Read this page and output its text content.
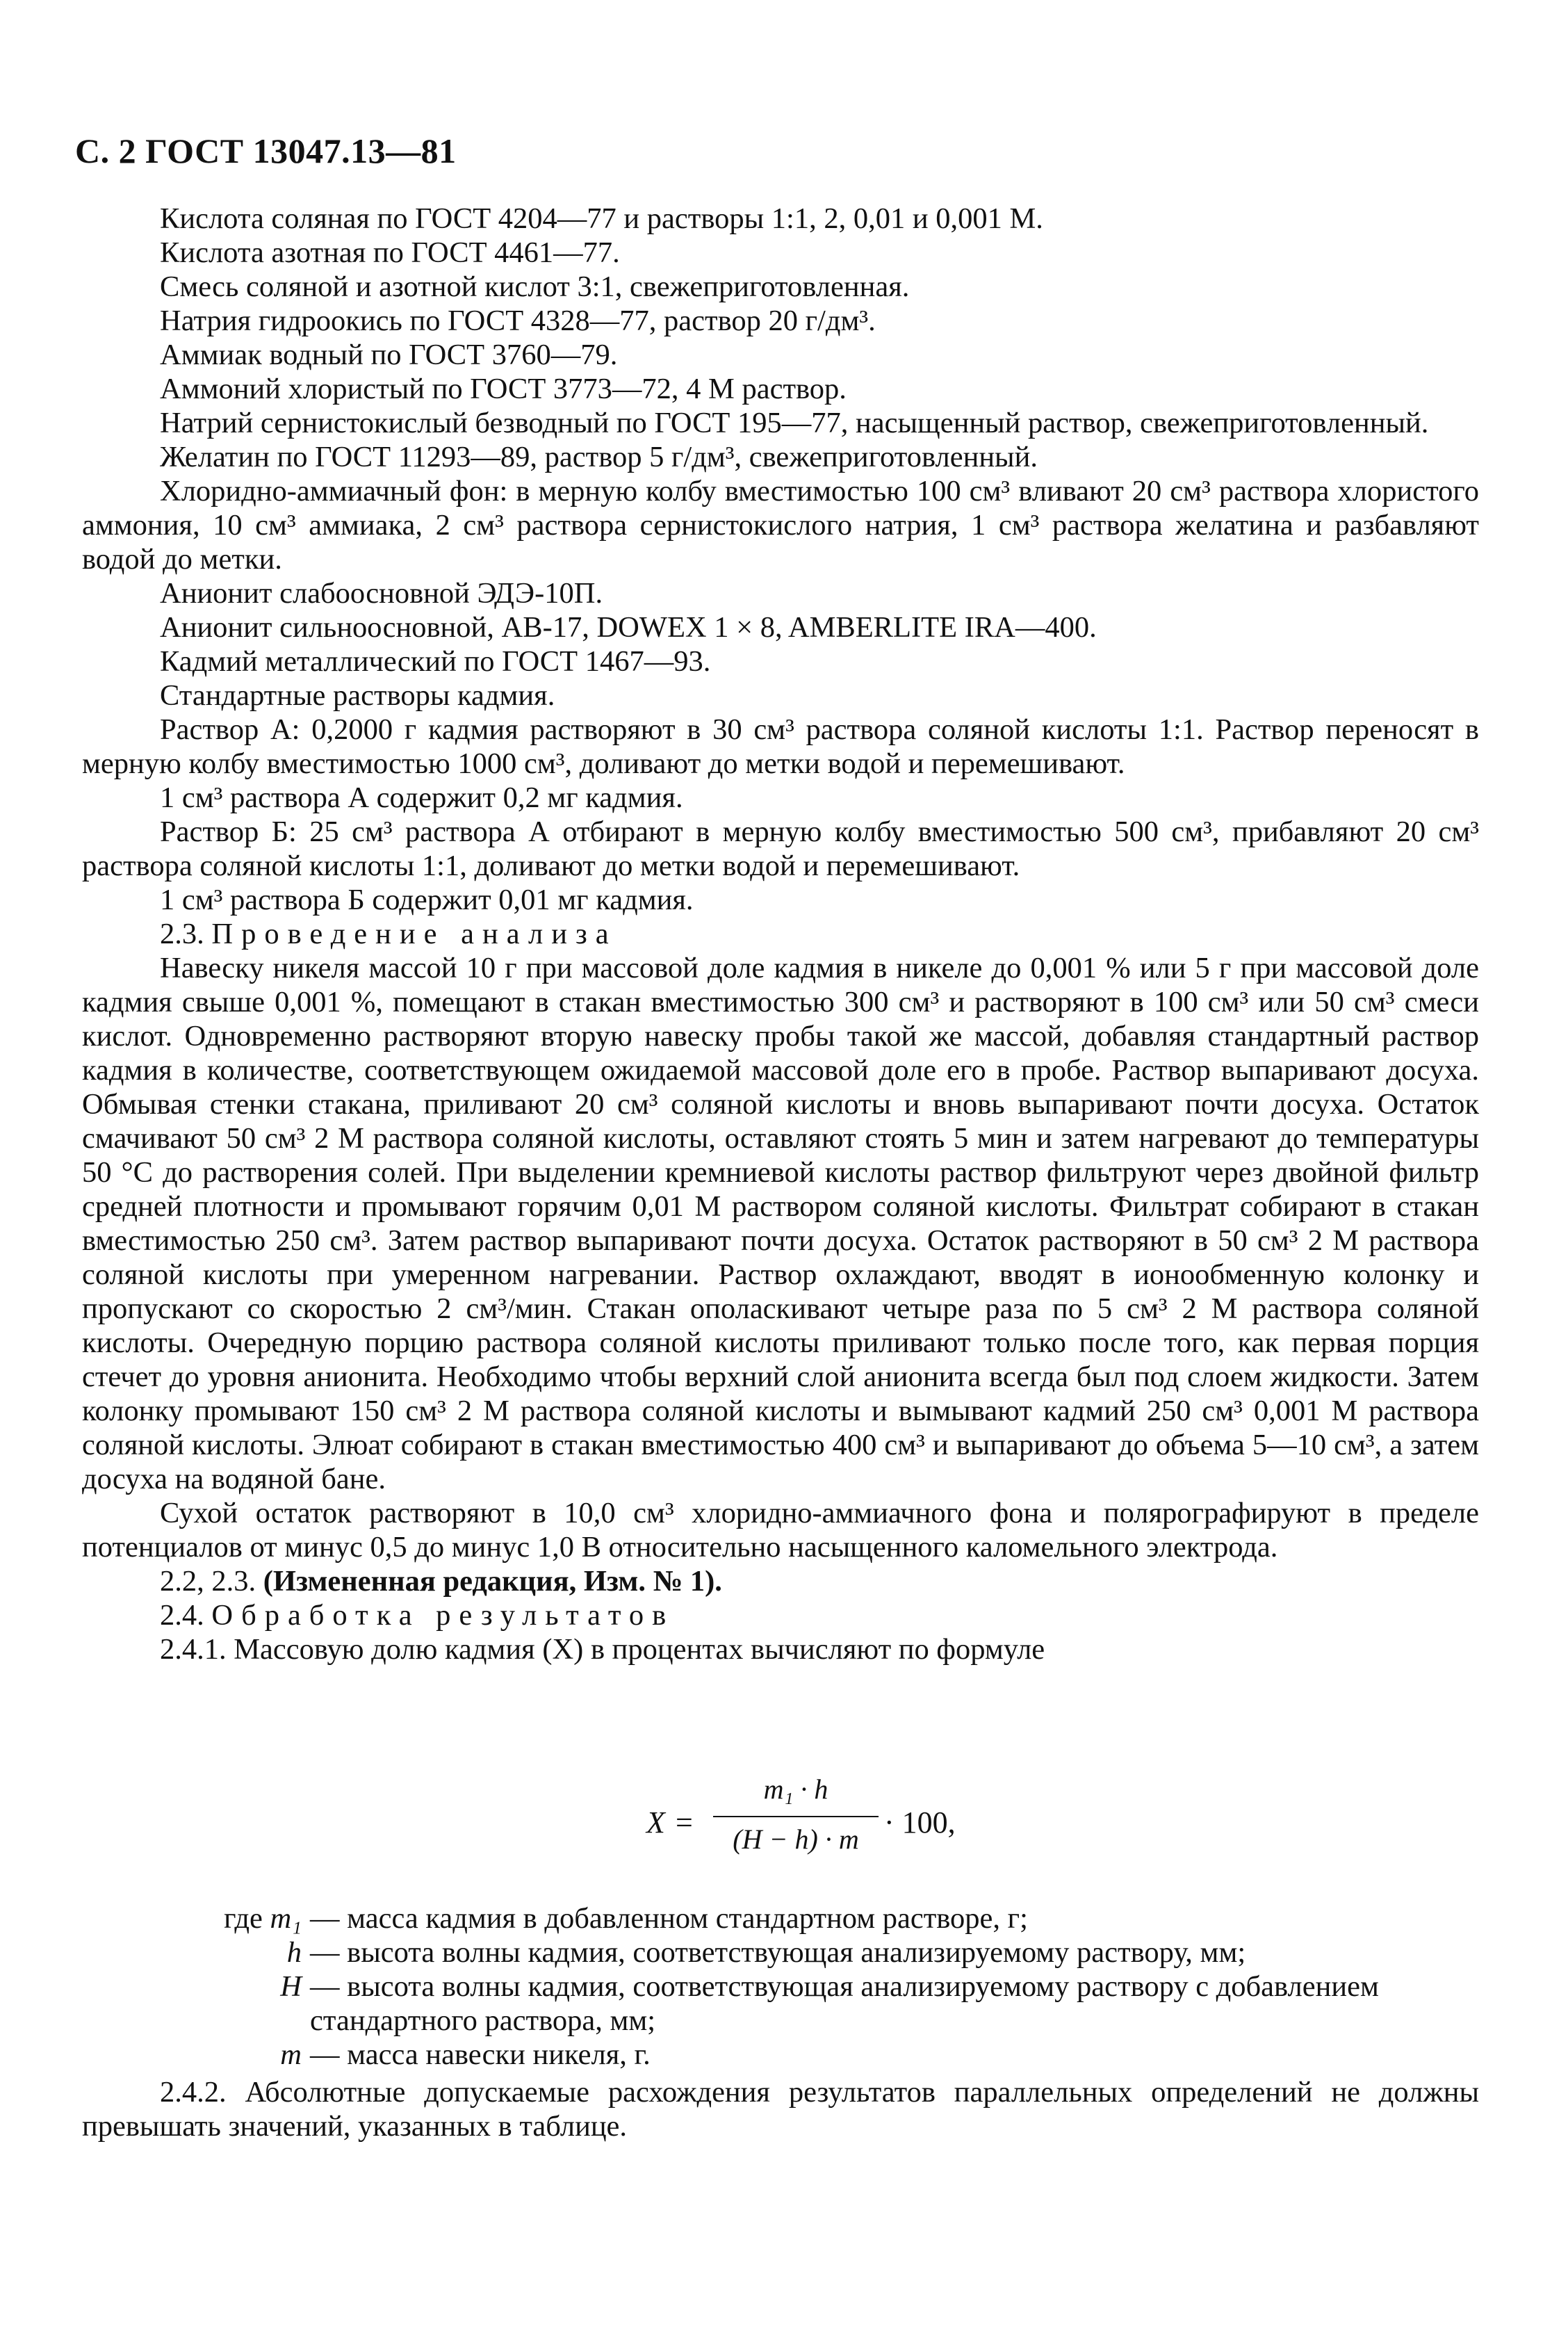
С. 2 ГОСТ 13047.13—81

Кислота соляная по ГОСТ 4204—77 и растворы 1:1, 2, 0,01 и 0,001 М.

Кислота азотная по ГОСТ 4461—77.

Смесь соляной и азотной кислот 3:1, свежеприготовленная.

Натрия гидроокись по ГОСТ 4328—77, раствор 20 г/дм³.

Аммиак водный по ГОСТ 3760—79.

Аммоний хлористый по ГОСТ 3773—72, 4 М раствор.

Натрий сернистокислый безводный по ГОСТ 195—77, насыщенный раствор, свежеприготовленный.

Желатин по ГОСТ 11293—89, раствор 5 г/дм³, свежеприготовленный.

Хлоридно-аммиачный фон: в мерную колбу вместимостью 100 см³ вливают 20 см³ раствора хлористого аммония, 10 см³ аммиака, 2 см³ раствора сернистокислого натрия, 1 см³ раствора желатина и разбавляют водой до метки.

Анионит слабоосновной ЭДЭ-10П.

Анионит сильноосновной, АВ-17, DOWEX 1 × 8, AMBERLITE IRA—400.

Кадмий металлический по ГОСТ 1467—93.

Стандартные растворы кадмия.

Раствор А: 0,2000 г кадмия растворяют в 30 см³ раствора соляной кислоты 1:1. Раствор переносят в мерную колбу вместимостью 1000 см³, доливают до метки водой и перемешивают.

1 см³ раствора А содержит 0,2 мг кадмия.

Раствор Б: 25 см³ раствора А отбирают в мерную колбу вместимостью 500 см³, прибавляют 20 см³ раствора соляной кислоты 1:1, доливают до метки водой и перемешивают.

1 см³ раствора Б содержит 0,01 мг кадмия.

2.3. Проведение анализа

Навеску никеля массой 10 г при массовой доле кадмия в никеле до 0,001 % или 5 г при массовой доле кадмия свыше 0,001 %, помещают в стакан вместимостью 300 см³ и растворяют в 100 см³ или 50 см³ смеси кислот. Одновременно растворяют вторую навеску пробы такой же массой, добавляя стандартный раствор кадмия в количестве, соответствующем ожидаемой массовой доле его в пробе. Раствор выпаривают досуха. Обмывая стенки стакана, приливают 20 см³ соляной кислоты и вновь выпаривают почти досуха. Остаток смачивают 50 см³ 2 М раствора соляной кислоты, оставляют стоять 5 мин и затем нагревают до температуры 50 °С до растворения солей. При выделении кремниевой кислоты раствор фильтруют через двойной фильтр средней плотности и промывают горячим 0,01 М раствором соляной кислоты. Фильтрат собирают в стакан вместимостью 250 см³. Затем раствор выпаривают почти досуха. Остаток растворяют в 50 см³ 2 М раствора соляной кислоты при умеренном нагревании. Раствор охлаждают, вводят в ионообменную колонку и пропускают со скоростью 2 см³/мин. Стакан ополаскивают четыре раза по 5 см³ 2 М раствора соляной кислоты. Очередную порцию раствора соляной кислоты приливают только после того, как первая порция стечет до уровня анионита. Необходимо чтобы верхний слой анионита всегда был под слоем жидкости. Затем колонку промывают 150 см³ 2 М раствора соляной кислоты и вымывают кадмий 250 см³ 0,001 М раствора соляной кислоты. Элюат собирают в стакан вместимостью 400 см³ и выпаривают до объема 5—10 см³, а затем досуха на водяной бане.

Сухой остаток растворяют в 10,0 см³ хлоридно-аммиачного фона и полярографируют в пределе потенциалов от минус 0,5 до минус 1,0 В относительно насыщенного каломельного электрода.

2.2, 2.3. (Измененная редакция, Изм. № 1).

2.4. Обработка результатов

2.4.1. Массовую долю кадмия (X) в процентах вычисляют по формуле

X =
m₁ · h
(H − h) · m · 100,
где m₁ — масса кадмия в добавленном стандартном растворе, г;
h — высота волны кадмия, соответствующая анализируемому раствору, мм;
H — высота волны кадмия, соответствующая анализируемому раствору с добавлением стандартного раствора, мм;
m — масса навески никеля, г.

2.4.2. Абсолютные допускаемые расхождения результатов параллельных определений не должны превышать значений, указанных в таблице.
